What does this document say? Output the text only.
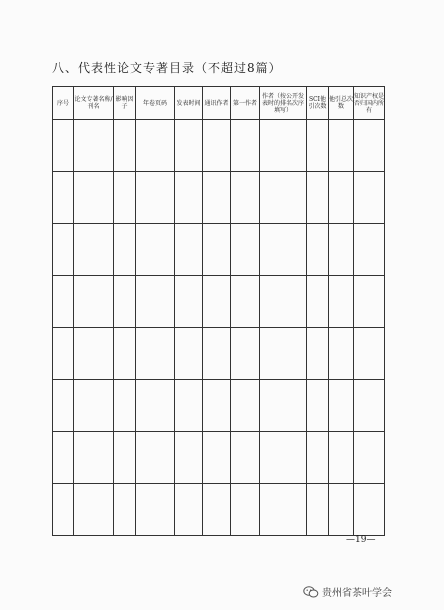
八、代表性论文专著目录（不超过8篇）
序号	论文专著名称/刊名	影响因子	年卷页码	发表时间	通讯作者	第一作者	作者（按公开发表时的排名次序填写）	SCI他引次数	他引总次数	知识产权是否归国内所有

—19—
贵州省茶叶学会
